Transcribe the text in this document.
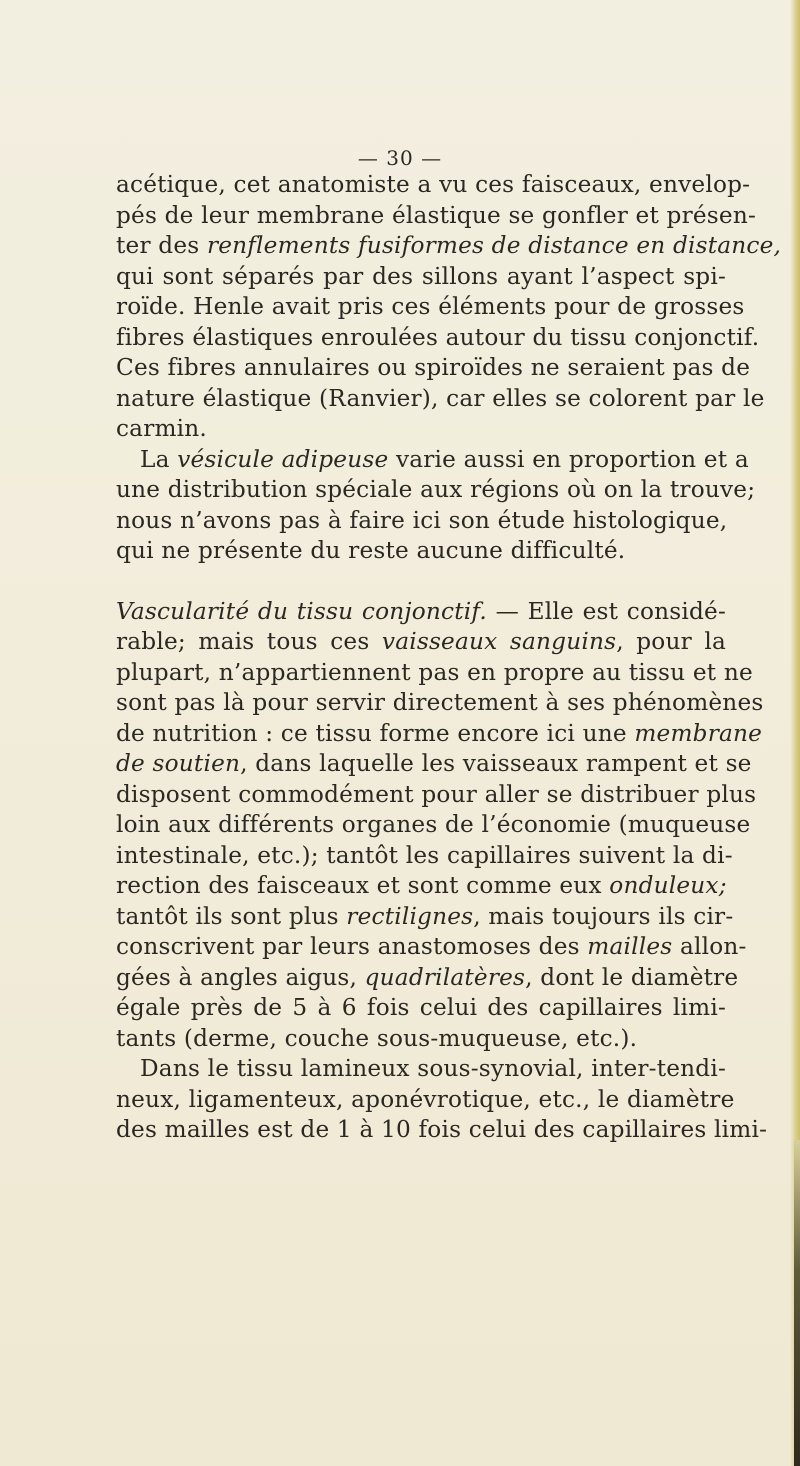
— 30 —
acétique, cet anatomiste a vu ces faisceaux, envelop-
pés de leur membrane élastique se gonfler et présen-
ter des renflements fusiformes de distance en distance,
qui sont séparés par des sillons ayant l’aspect spi-
roïde. Henle avait pris ces éléments pour de grosses
fibres élastiques enroulées autour du tissu conjonctif.
Ces fibres annulaires ou spiroïdes ne seraient pas de
nature élastique (Ranvier), car elles se colorent par le
carmin.
La vésicule adipeuse varie aussi en proportion et a
une distribution spéciale aux régions où on la trouve;
nous n’avons pas à faire ici son étude histologique,
qui ne présente du reste aucune difficulté.
Vascularité du tissu conjonctif. — Elle est considé-
rable; mais tous ces vaisseaux sanguins, pour la
plupart, n’appartiennent pas en propre au tissu et ne
sont pas là pour servir directement à ses phénomènes
de nutrition : ce tissu forme encore ici une membrane
de soutien, dans laquelle les vaisseaux rampent et se
disposent commodément pour aller se distribuer plus
loin aux différents organes de l’économie (muqueuse
intestinale, etc.); tantôt les capillaires suivent la di-
rection des faisceaux et sont comme eux onduleux;
tantôt ils sont plus rectilignes, mais toujours ils cir-
conscrivent par leurs anastomoses des mailles allon-
gées à angles aigus, quadrilatères, dont le diamètre
égale près de 5 à 6 fois celui des capillaires limi-
tants (derme, couche sous-muqueuse, etc.).
Dans le tissu lamineux sous-synovial, inter-tendi-
neux, ligamenteux, aponévrotique, etc., le diamètre
des mailles est de 1 à 10 fois celui des capillaires limi-
